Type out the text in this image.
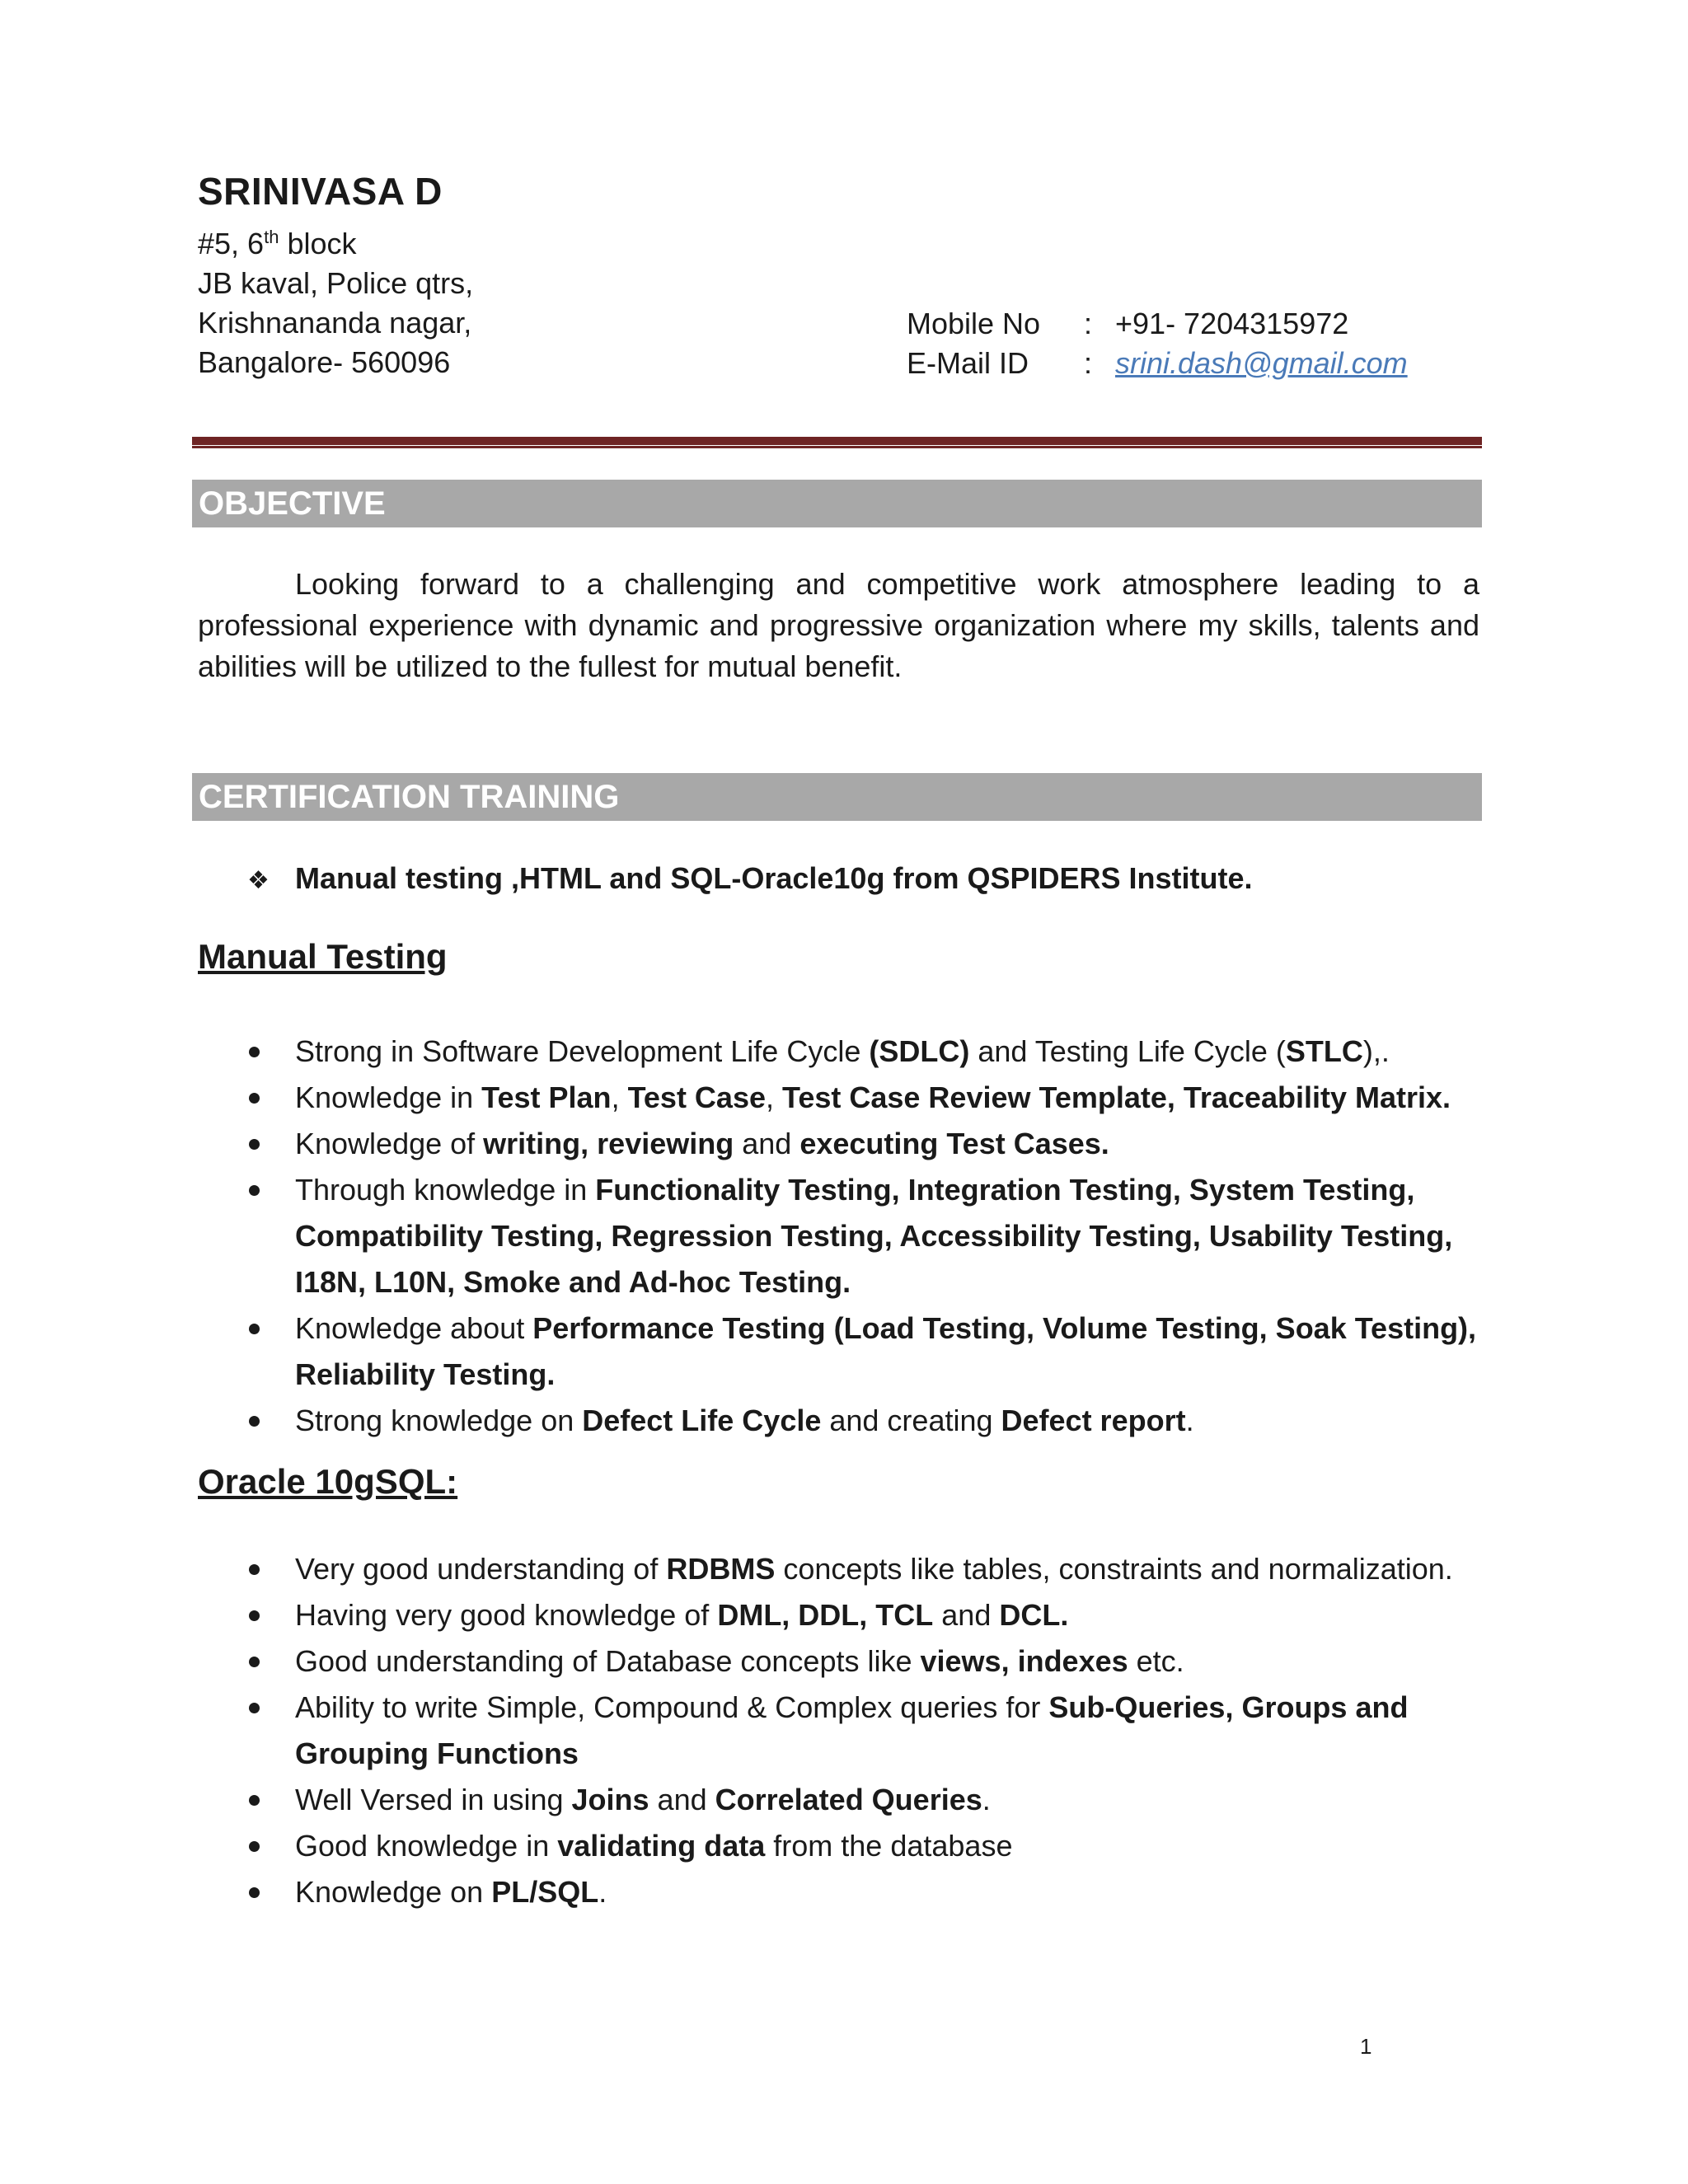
SRINIVASA D
#5, 6th block
JB kaval, Police qtrs,
Krishnananda nagar,
Bangalore- 560096
Mobile No : +91- 7204315972
E-Mail ID : srini.dash@gmail.com
OBJECTIVE
Looking forward to a challenging and competitive work atmosphere leading to a professional experience with dynamic and progressive organization where my skills, talents and abilities will be utilized to the fullest for mutual benefit.
CERTIFICATION TRAINING
❖ Manual testing ,HTML and SQL-Oracle10g from QSPIDERS Institute.
Manual Testing
Strong in Software Development Life Cycle (SDLC) and Testing Life Cycle (STLC),.
Knowledge in Test Plan, Test Case, Test Case Review Template, Traceability Matrix.
Knowledge of writing, reviewing and executing Test Cases.
Through knowledge in Functionality Testing, Integration Testing, System Testing, Compatibility Testing, Regression Testing, Accessibility Testing, Usability Testing, I18N, L10N, Smoke and Ad-hoc Testing.
Knowledge about Performance Testing (Load Testing, Volume Testing, Soak Testing), Reliability Testing.
Strong knowledge on Defect Life Cycle and creating Defect report.
Oracle 10gSQL:
Very good understanding of RDBMS concepts like tables, constraints and normalization.
Having very good knowledge of DML, DDL, TCL and DCL.
Good understanding of Database concepts like views, indexes etc.
Ability to write Simple, Compound & Complex queries for Sub-Queries, Groups and Grouping Functions
Well Versed in using Joins and Correlated Queries.
Good knowledge in validating data from the database
Knowledge on PL/SQL.
1
